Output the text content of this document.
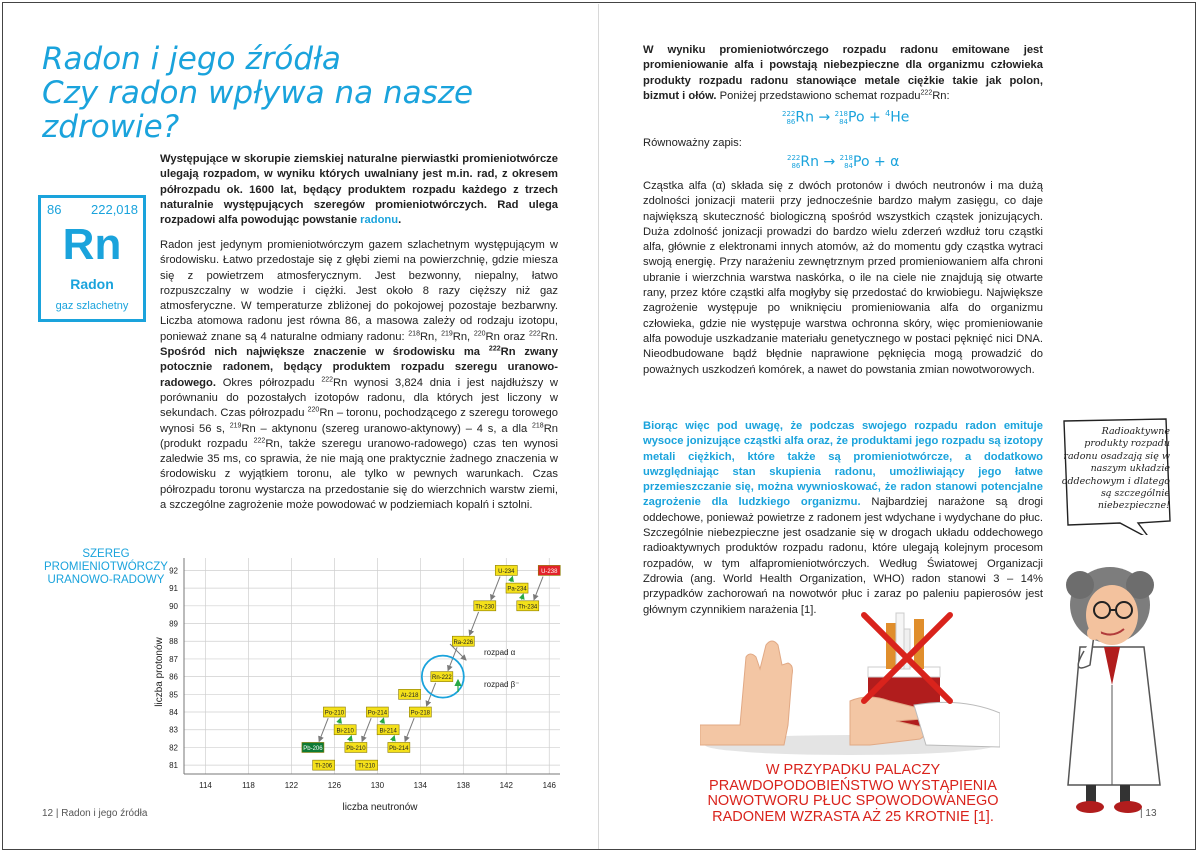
Radon i jego źródła
Czy radon wpływa na nasze
zdrowie?
86 222,018
Rn
Radon
gaz szlachetny
Występujące w skorupie ziemskiej naturalne pierwiastki promieniotwórcze ulegają rozpadom, w wyniku których uwalniany jest m.in. rad, z okresem półrozpadu ok. 1600 lat, będący produktem rozpadu każdego z trzech naturalnie występujących szeregów promieniotwórczych. Rad ulega rozpadowi alfa powodując powstanie radonu.
Radon jest jedynym promieniotwórczym gazem szlachetnym występującym w środowisku. Łatwo przedostaje się z głębi ziemi na powierzchnię, gdzie miesza się z powietrzem atmosferycznym. Jest bezwonny, niepalny, łatwo rozpuszczalny w wodzie i ciężki. Jest około 8 razy cięższy niż gaz atmosferyczne. W temperaturze zbliżonej do pokojowej pozostaje bezbarwny. Liczba atomowa radonu jest równa 86, a masowa zależy od rodzaju izotopu, ponieważ znane są 4 naturalne odmiany radonu: $^{218}$Rn, $^{219}$Rn, $^{220}$Rn oraz $^{222}$Rn. Spośród nich największe znaczenie w środowisku ma $^{222}$Rn zwany potocznie radonem, będący produktem rozpadu szeregu uranowo-radowego. Okres półrozpadu $^{222}$Rn wynosi 3,824 dnia i jest najdłuższy w porównaniu do pozostałych izotopów radonu, dla których jest liczony w sekundach. Czas półrozpadu $^{220}$Rn – toronu, pochodzącego z szeregu torowego wynosi 56 s, $^{219}$Rn – aktynonu (szereg uranowo-aktynowy) – 4 s, a dla $^{218}$Rn (produkt rozpadu $^{222}$Rn, także szeregu uranowo-radowego) czas ten wynosi zaledwie 35 ms, co sprawia, że nie mają one praktycznie żadnego znaczenia w środowisku z wyjątkiem toronu, ale tylko w pewnych warunkach. Czas półrozpadu toronu wystarcza na przedostanie się do wierzchnich warstw ziemi, a szczególne zagrożenie może powodować w podziemiach kopalń i sztolni.
SZEREG PROMIENIOTWÓRCZY URANOWO-RADOWY
81
82
83
84
85
86
87
88
89
90
91
92
114	118	122	126	130	134	138	142	146
U-238
Th-234
Pa-234
U-234
Th-230
Ra-226
Rn-222
Po-218
At-218
Pb-214
Bi-214
Po-214
Pb-210
Bi-210
Po-210
Tl-210
Tl-206
Pb-206
rozpad α
rozpad β⁻
liczba neutronów
liczba protonów
12 | Radon i jego źródła
W wyniku promieniotwórczego rozpadu radonu emitowane jest promieniowanie alfa i powstają niebezpieczne dla organizmu człowieka produkty rozpadu radonu stanowiące metale ciężkie takie jak polon, bizmut i ołów. Poniżej przedstawiono schemat rozpadu$^{222}$Rn:
222
86Rn → 218
84Po + $^4$He
Równoważny zapis:
222
86Rn → 218
84Po + α
Cząstka alfa (α) składa się z dwóch protonów i dwóch neutronów i ma dużą zdolności jonizacji materii przy jednocześnie bardzo małym zasięgu, co daje największą skuteczność biologiczną spośród wszystkich cząstek jonizujących. Duża zdolność jonizacji prowadzi do bardzo wielu zderzeń wzdłuż toru cząstki alfa, głównie z elektronami innych atomów, aż do momentu gdy cząstka wytraci swoją energię. Przy narażeniu zewnętrznym przed promieniowaniem alfa chroni ubranie i wierzchnia warstwa naskórka, o ile na ciele nie znajdują się otwarte rany, przez które cząstki alfa mogłyby się przedostać do krwiobiegu. Największe zagrożenie występuje po wniknięciu promieniowania alfa do organizmu człowieka, gdzie nie występuje warstwa ochronna skóry, więc promieniowanie alfa powoduje uszkadzanie materiału genetycznego w postaci pęknięć nici DNA. Nieodbudowane bądź błędnie naprawione pęknięcia mogą prowadzić do poważnych uszkodzeń komórek, a nawet do powstania zmian nowotworowych.
Biorąc więc pod uwagę, że podczas swojego rozpadu radon emituje wysoce jonizujące cząstki alfa oraz, że produktami jego rozpadu są izotopy metali ciężkich, które także są promieniotwórcze, a dodatkowo uwzględniając stan skupienia radonu, umożliwiający jego łatwe przemieszczanie się, można wywnioskować, że radon stanowi potencjalne zagrożenie dla ludzkiego organizmu. Najbardziej narażone są drogi oddechowe, ponieważ powietrze z radonem jest wdychane i wydychane do płuc. Szczególnie niebezpieczne jest osadzanie się w drogach układu oddechowego radioaktywnych produktów rozpadu radonu, które ulegają kolejnym procesom rozpadów, w tym alfapromieniotwórczych. Według Światowej Organizacji Zdrowia (ang. World Health Organization, WHO) radon stanowi 3 – 14% przypadków zachorowań na nowotwór płuc i zaraz po paleniu papierosów jest głównym czynnikiem narażenia [1].
Radioaktywne produkty rozpadu radonu osadzają się w naszym układzie oddechowym i dlatego są szczególnie niebezpieczne!
W PRZYPADKU PALACZY PRAWDOPODOBIEŃSTWO WYSTĄPIENIA NOWOTWORU PŁUC SPOWODOWANEGO RADONEM WZRASTA AŻ 25 KROTNIE [1].	| 13
